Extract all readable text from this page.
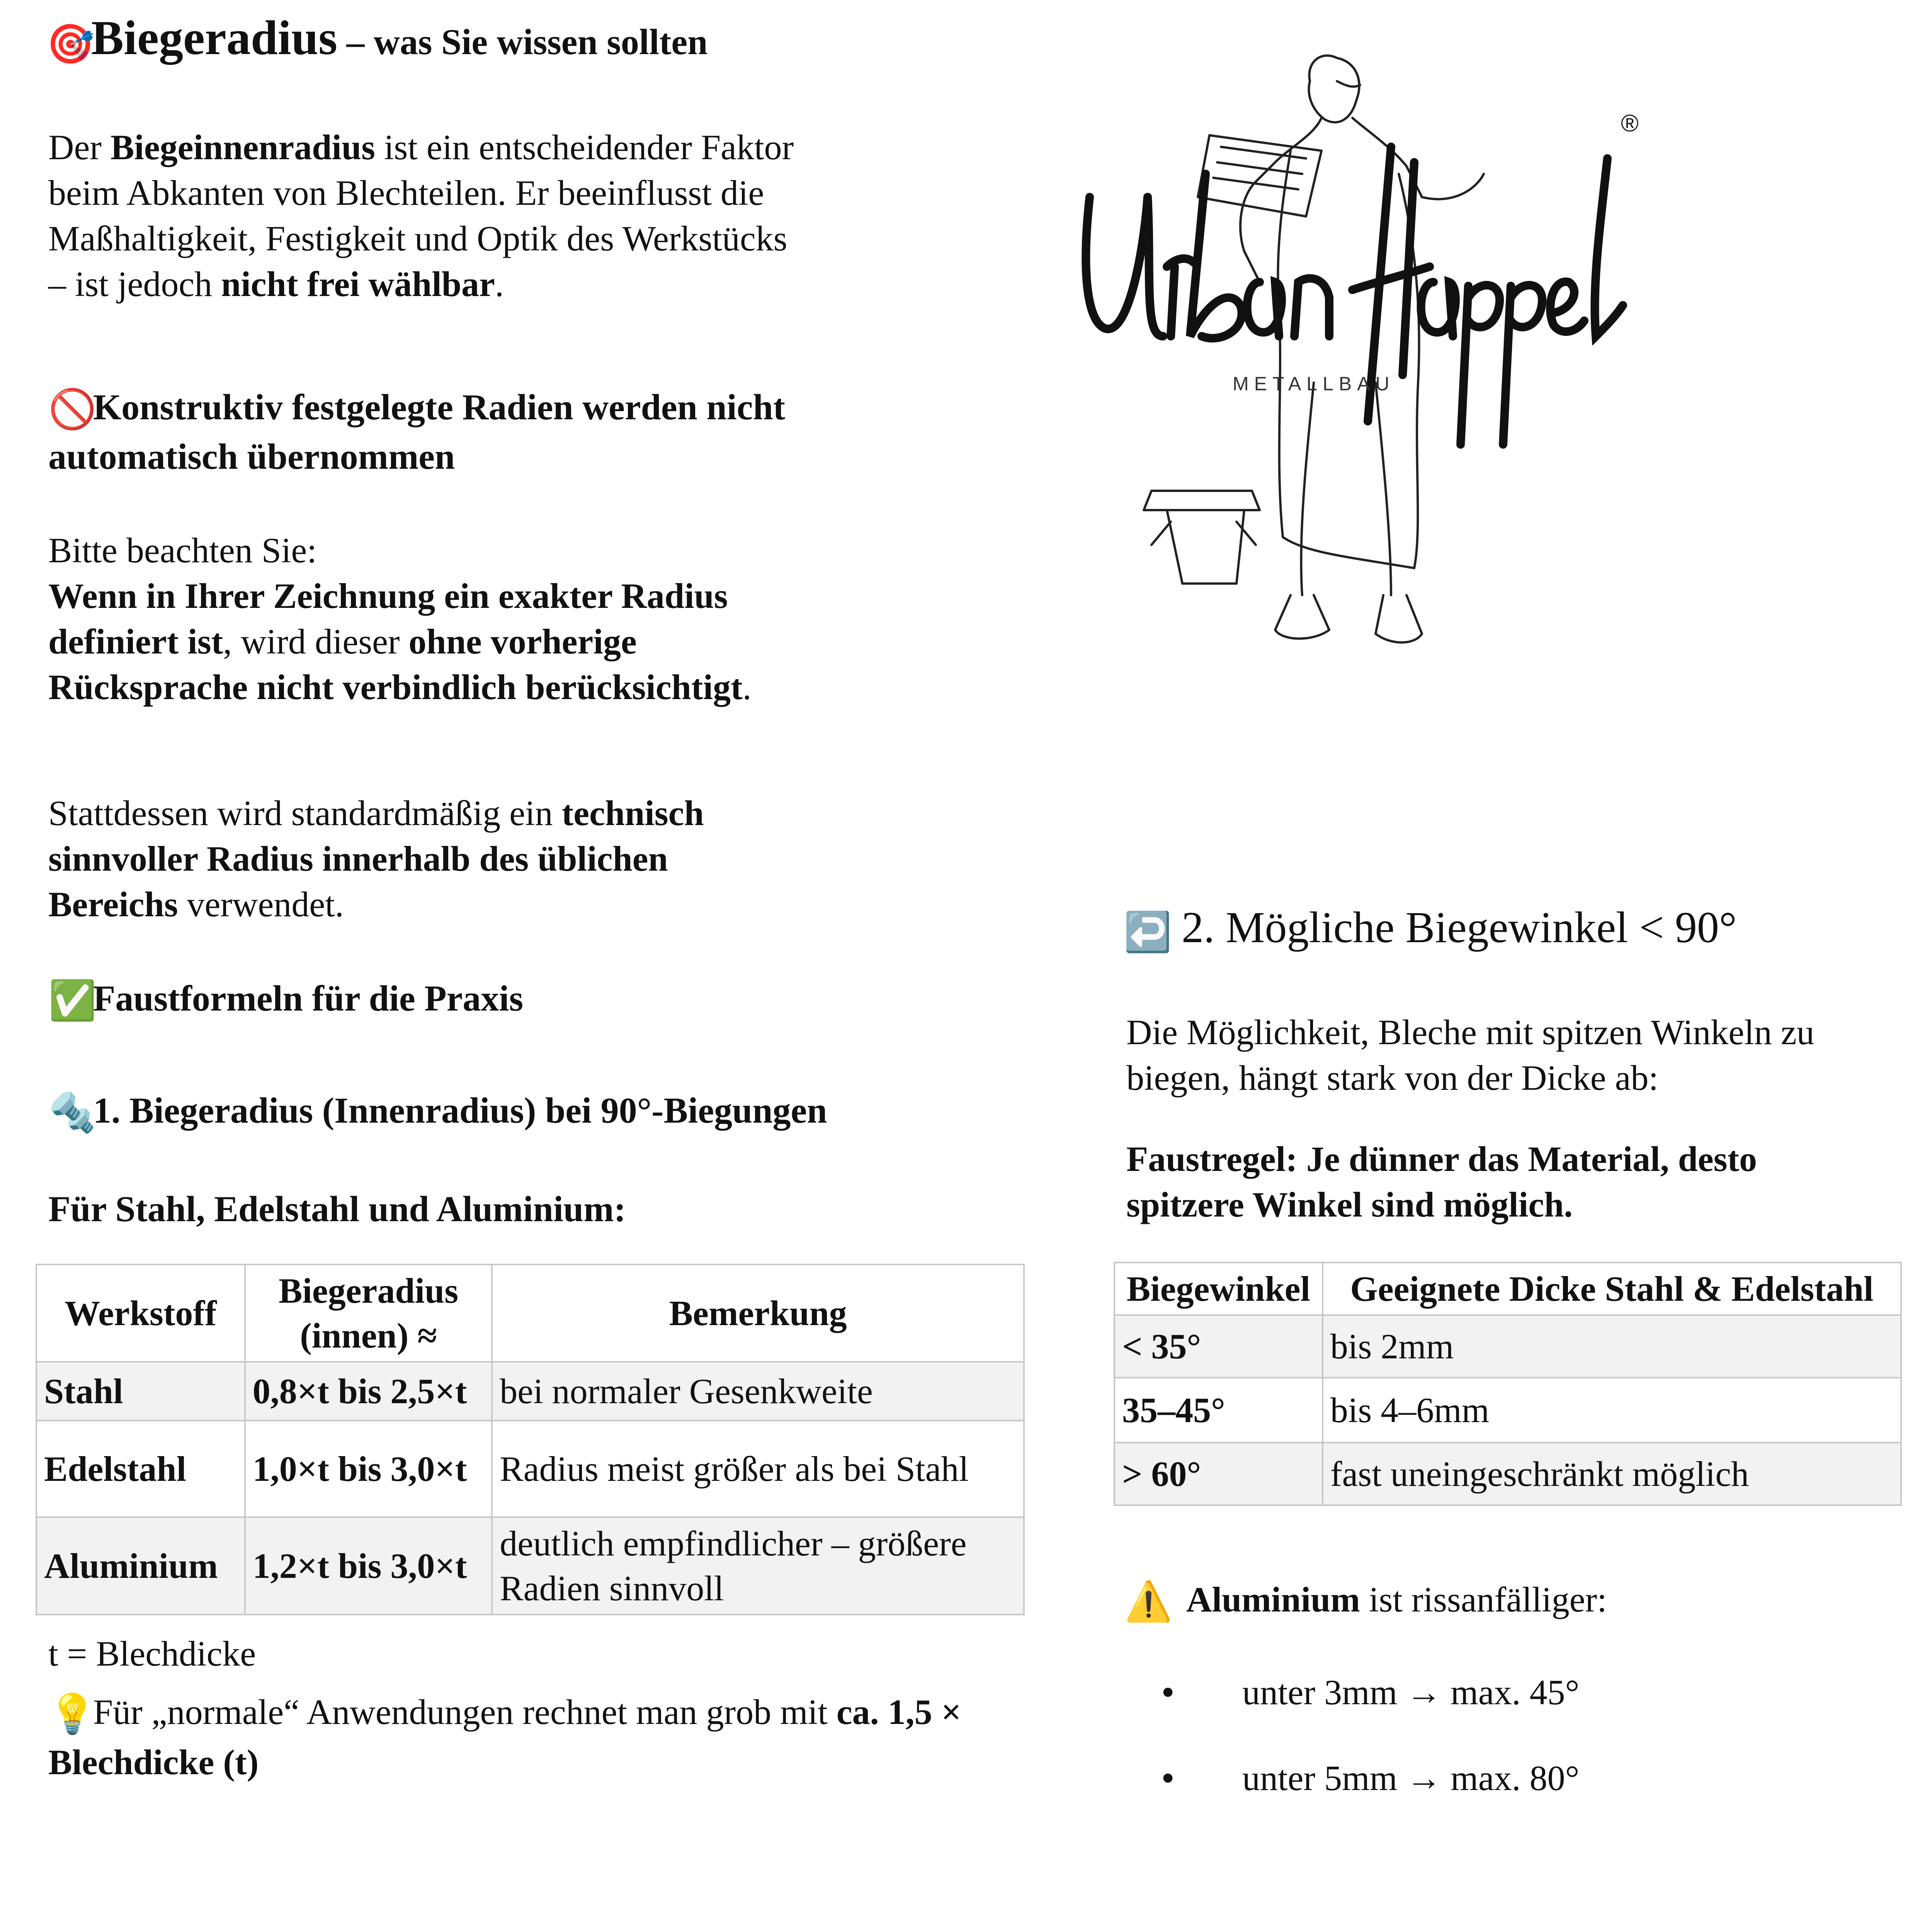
🎯Biegeradius – was Sie wissen sollten
Der Biegeinnenradius ist ein entscheidender Faktor beim Abkanten von Blechteilen. Er beeinflusst die Maßhaltigkeit, Festigkeit und Optik des Werkstücks – ist jedoch nicht frei wählbar.

🚫Konstruktiv festgelegte Radien werden nicht automatisch übernommen

Bitte beachten Sie:

Wenn in Ihrer Zeichnung ein exakter Radius definiert ist, wird dieser ohne vorherige Rücksprache nicht verbindlich berücksichtigt.

Stattdessen wird standardmäßig ein technisch sinnvoller Radius innerhalb des üblichen Bereichs verwendet.

✅Faustformeln für die Praxis

🔩1. Biegeradius (Innenradius) bei 90°-Biegungen

Für Stahl, Edelstahl und Aluminium:

Werkstoff	Biegeradius (innen) ≈	Bemerkung
Stahl	0,8×t bis 2,5×t	bei normaler Gesenkweite
Edelstahl	1,0×t bis 3,0×t	Radius meist größer als bei Stahl
Aluminium	1,2×t bis 3,0×t	deutlich empfindlicher – größere Radien sinnvoll

t = Blechdicke

💡Für „normale“ Anwendungen rechnet man grob mit ca. 1,5 × Blechdicke (t)
®
METALLBAU
Urban Happel

↩️ 2. Mögliche Biegewinkel < 90°

Die Möglichkeit, Bleche mit spitzen Winkeln zu biegen, hängt stark von der Dicke ab:

Faustregel: Je dünner das Material, desto spitzere Winkel sind möglich.

Biegewinkel	Geeignete Dicke Stahl & Edelstahl
< 35°	bis 2mm
35–45°	bis 4–6mm
> 60°	fast uneingeschränkt möglich
⚠️ Aluminium ist rissanfälliger:
• unter 3mm → max. 45°
• unter 5mm → max. 80°
